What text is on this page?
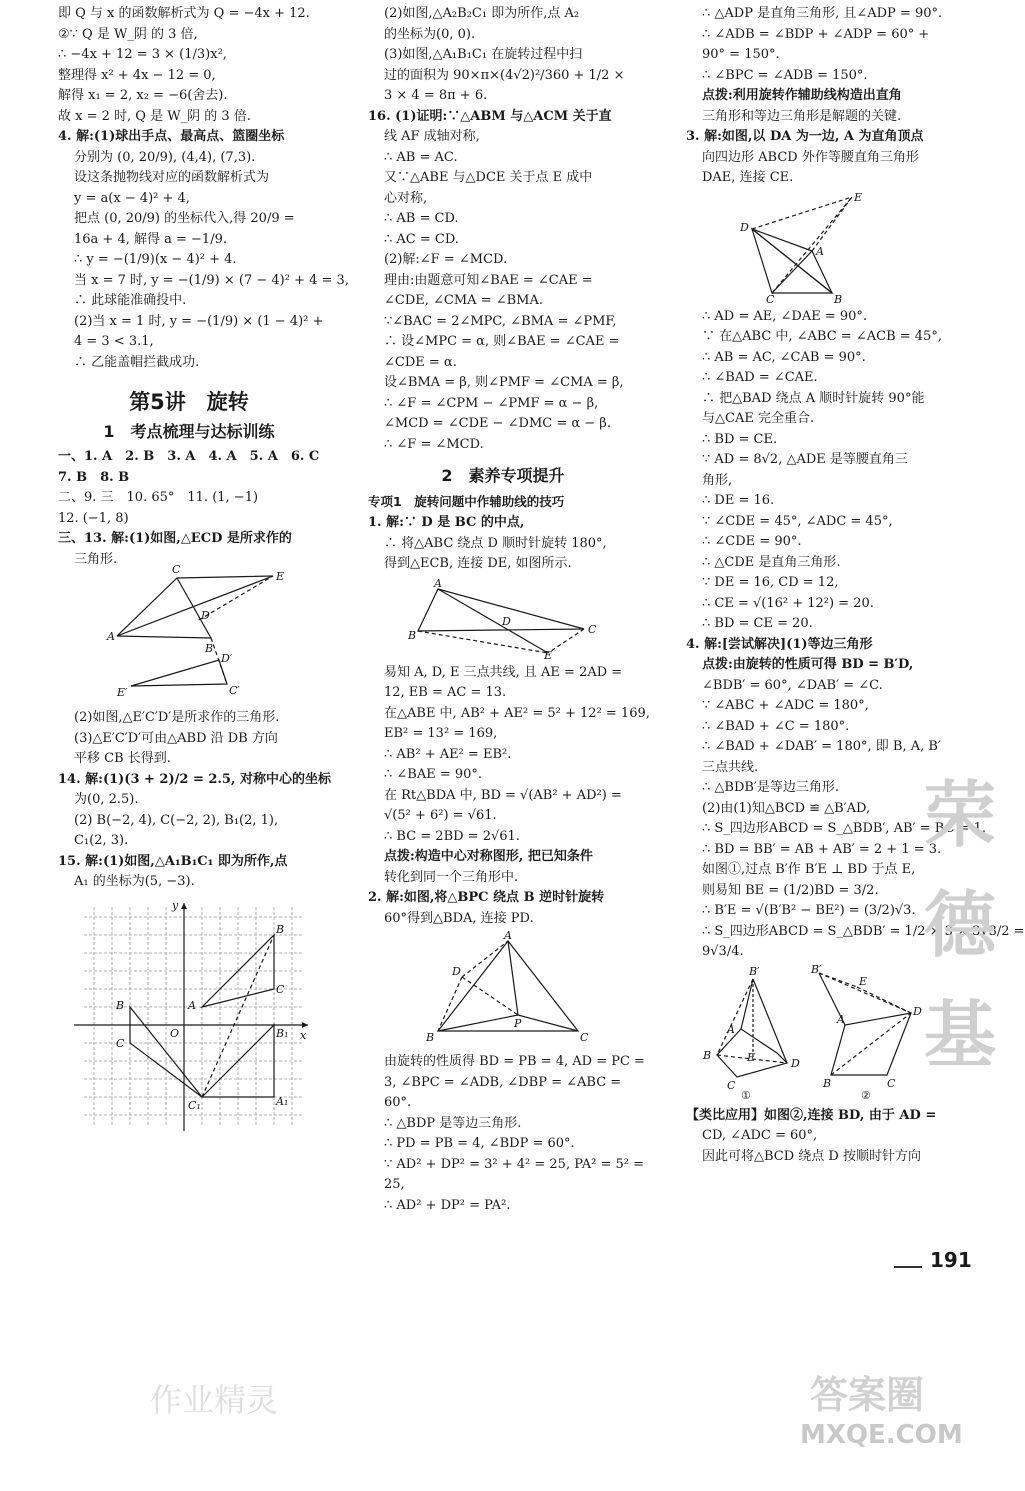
即 Q 与 x 的函数解析式为 Q = −4x + 12.
②∵ Q 是 W_阴 的 3 倍,
∴ −4x + 12 = 3 × (1/3)x²,
整理得 x² + 4x − 12 = 0,
解得 x₁ = 2, x₂ = −6(舍去).
故 x = 2 时, Q 是 W_阴 的 3 倍.
4. 解:(1)球出手点、最高点、篮圈坐标
分别为 (0, 20/9), (4,4), (7,3).
设这条抛物线对应的函数解析式为
y = a(x − 4)² + 4,
把点 (0, 20/9) 的坐标代入,得 20/9 =
16a + 4, 解得 a = −1/9.
∴ y = −(1/9)(x − 4)² + 4.
当 x = 7 时, y = −(1/9) × (7 − 4)² + 4 = 3,
∴ 此球能准确投中.
(2)当 x = 1 时, y = −(1/9) × (1 − 4)² +
4 = 3 < 3.1,
∴ 乙能盖帽拦截成功.
第5讲　旋转
1　考点梳理与达标训练
一、1. A　2. B　3. A　4. A　5. A　6. C
7. B　8. B
二、9. 三　10. 65°　11. (1, −1)
12. (−1, 8)
三、13. 解:(1)如图,△ECD 是所求作的
三角形.
C
E
A
D
B
D′
E′	C′
(2)如图,△E′C′D′是所求作的三角形.
(3)△E′C′D′可由△ABD 沿 DB 方向
平移 CB 长得到.
14. 解:(1)(3 + 2)/2 = 2.5, 对称中心的坐标
为(0, 2.5).
(2) B(−2, 4), C(−2, 2), B₁(2, 1),
C₁(2, 3).
15. 解:(1)如图,△A₁B₁C₁ 即为所作,点
A₁ 的坐标为(5, −3).
x
y
O
B
C
A
B
C
A₁
C₁
B₁
(2)如图,△A₂B₂C₁ 即为所作,点 A₂
的坐标为(0, 0).
(3)如图,△A₁B₁C₁ 在旋转过程中扫
过的面积为 90×π×(4√2)²/360 + 1/2 ×
3 × 4 = 8π + 6.
16. (1)证明:∵△ABM 与△ACM 关于直
线 AF 成轴对称,
∴ AB = AC.
又∵△ABE 与△DCE 关于点 E 成中
心对称,
∴ AB = CD.
∴ AC = CD.
(2)解:∠F = ∠MCD.
理由:由题意可知∠BAE = ∠CAE =
∠CDE, ∠CMA = ∠BMA.
∵∠BAC = 2∠MPC, ∠BMA = ∠PMF,
∴ 设∠MPC = α, 则∠BAE = ∠CAE =
∠CDE = α.
设∠BMA = β, 则∠PMF = ∠CMA = β,
∴ ∠F = ∠CPM − ∠PMF = α − β,
∠MCD = ∠CDE − ∠DMC = α − β.
∴ ∠F = ∠MCD.
2　素养专项提升
专项1　旋转问题中作辅助线的技巧
1. 解:∵ D 是 BC 的中点,
∴ 将△ABC 绕点 D 顺时针旋转 180°,
得到△ECB, 连接 DE, 如图所示.
A
B	C
D
E
易知 A, D, E 三点共线, 且 AE = 2AD =
12, EB = AC = 13.
在△ABE 中, AB² + AE² = 5² + 12² = 169,
EB² = 13² = 169,
∴ AB² + AE² = EB².
∴ ∠BAE = 90°.
在 Rt△BDA 中, BD = √(AB² + AD²) =
√(5² + 6²) = √61.
∴ BC = 2BD = 2√61.
点拨:构造中心对称图形, 把已知条件
转化到同一个三角形中.
2. 解:如图,将△BPC 绕点 B 逆时针旋转
60°得到△BDA, 连接 PD.
A
D
B	C
P
由旋转的性质得 BD = PB = 4, AD = PC =
3, ∠BPC = ∠ADB, ∠DBP = ∠ABC =
60°.
∴ △BDP 是等边三角形.
∴ PD = PB = 4, ∠BDP = 60°.
∵ AD² + DP² = 3² + 4² = 25, PA² = 5² =
25,
∴ AD² + DP² = PA².
∴ △ADP 是直角三角形, 且∠ADP = 90°.
∴ ∠ADB = ∠BDP + ∠ADP = 60° +
90° = 150°.
∴ ∠BPC = ∠ADB = 150°.
点拨:利用旋转作辅助线构造出直角
三角形和等边三角形是解题的关键.
3. 解:如图,以 DA 为一边, A 为直角顶点
向四边形 ABCD 外作等腰直角三角形
DAE, 连接 CE.
E
D
A
C	B
∴ AD = AE, ∠DAE = 90°.
∵ 在△ABC 中, ∠ABC = ∠ACB = 45°,
∴ AB = AC, ∠CAB = 90°.
∴ ∠BAD = ∠CAE.
∴ 把△BAD 绕点 A 顺时针旋转 90°能
与△CAE 完全重合.
∴ BD = CE.
∵ AD = 8√2, △ADE 是等腰直角三
角形,
∴ DE = 16.
∵ ∠CDE = 45°, ∠ADC = 45°,
∴ ∠CDE = 90°.
∴ △CDE 是直角三角形.
∵ DE = 16, CD = 12,
∴ CE = √(16² + 12²) = 20.
∴ BD = CE = 20.
4. 解:[尝试解决](1)等边三角形
点拨:由旋转的性质可得 BD = B′D,
∠BDB′ = 60°, ∠DAB′ = ∠C.
∵ ∠ABC + ∠ADC = 180°,
∴ ∠BAD + ∠C = 180°.
∴ ∠BAD + ∠DAB′ = 180°, 即 B, A, B′
三点共线.
∴ △BDB′是等边三角形.
(2)由(1)知△BCD ≌ △B′AD,
∴ S_四边形ABCD = S_△BDB′, AB′ = BC = 1.
∴ BD = BB′ = AB + AB′ = 2 + 1 = 3.
如图①,过点 B′作 B′E ⊥ BD 于点 E,
则易知 BE = (1/2)BD = 3/2.
∴ B′E = √(B′B² − BE²) = (3/2)√3.
∴ S_四边形ABCD = S_△BDB′ = 1/2 × 3 × 3√3/2 =
9√3/4.
B′
A
B
C
D
E
B′
E
A
D
B	C
①	②
【类比应用】如图②,连接 BD, 由于 AD =
CD, ∠ADC = 60°,
因此可将△BCD 绕点 D 按顺时针方向
191
荣德基
作业精灵	答案圈
MXQE.COM
